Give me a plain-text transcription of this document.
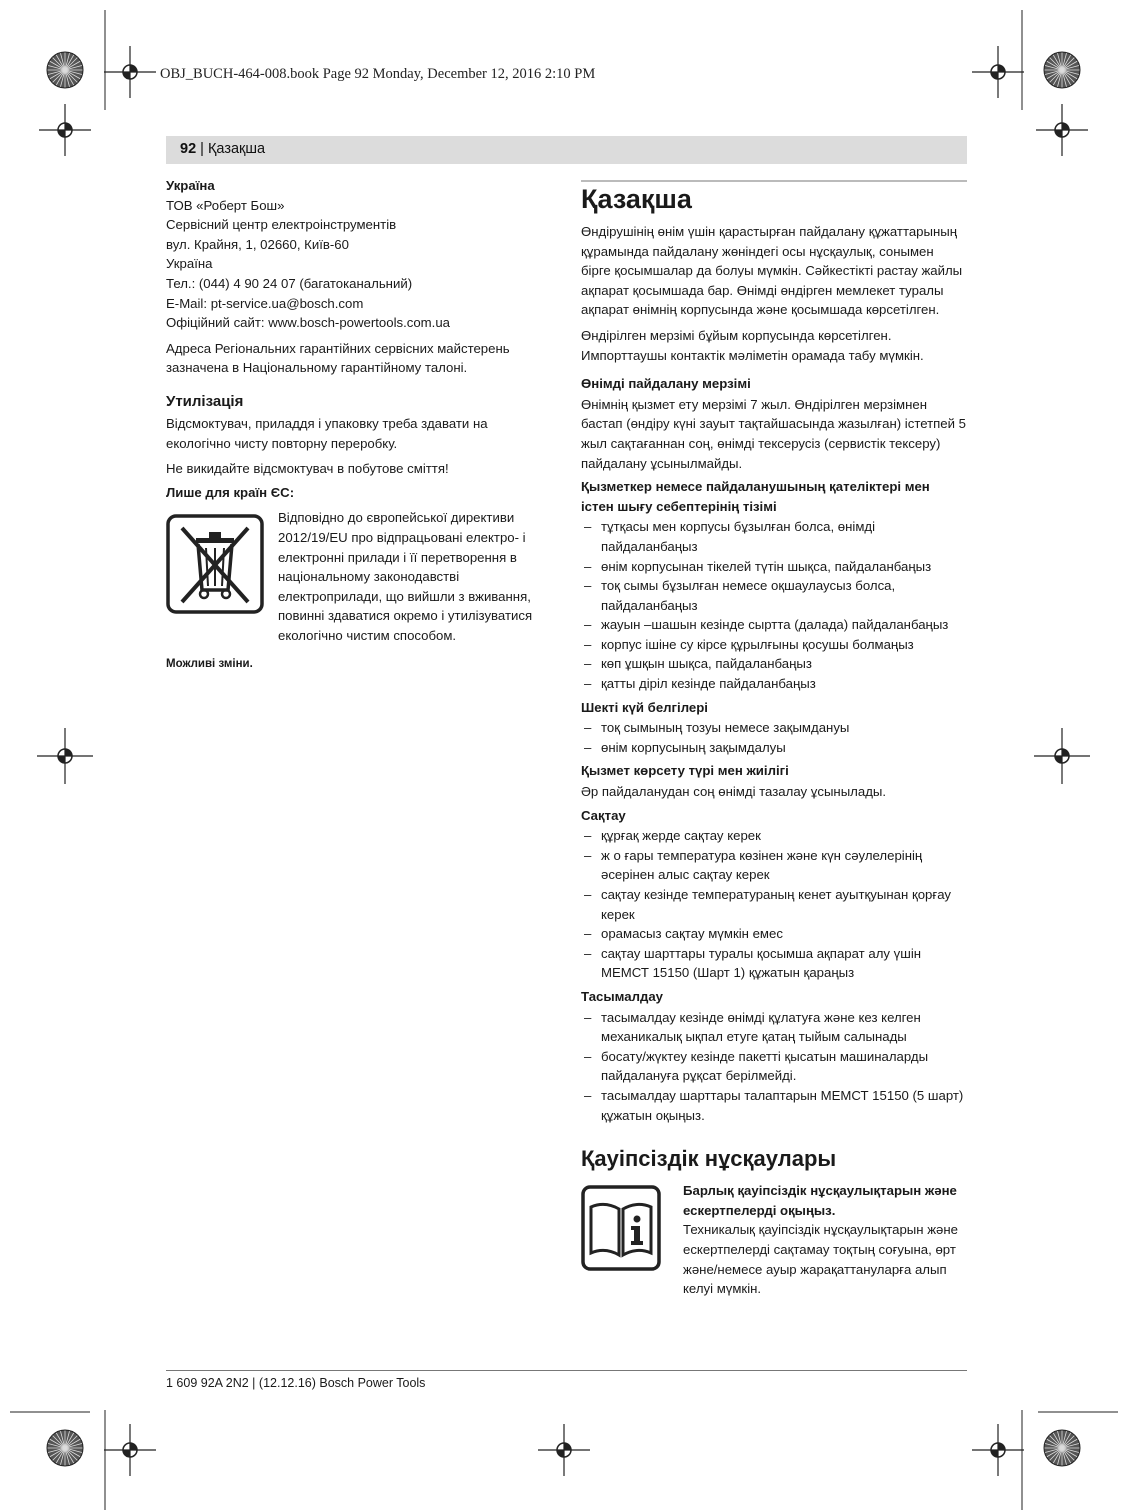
OBJ_BUCH-464-008.book Page 92 Monday, December 12, 2016 2:10 PM
92 | Қазақша

Україна

ТОВ «Роберт Бош»

Сервісний центр електроінструментів

вул. Крайня, 1, 02660, Київ-60

Україна

Тел.: (044) 4 90 24 07 (багатоканальний)

E-Mail: pt-service.ua@bosch.com

Офіційний сайт: www.bosch-powertools.com.ua

Адреса Регіональних гарантійних сервісних майстерень зазначена в Національному гарантійному талоні.

Утилізація

Відсмоктувач, приладдя і упаковку треба здавати на екологічно чисту повторну переробку.

Не викидайте відсмоктувач в побутове сміття!

Лише для країн ЄС:

Відповідно до європейської директиви 2012/19/EU про відпрацьовані електро- і електронні прилади і її перетворення в національному законодавстві електроприлади, що вийшли з вживання, повинні здаватися окремо і утилізуватися екологічно чистим способом.

Можливі зміни.

Қазақша

Өндірушінің өнім үшін қарастырған пайдалану құжаттарының құрамында пайдалану жөніндегі осы нұсқаулық, сонымен бірге қосымшалар да болуы мүмкін. Сәйкестікті растау жайлы ақпарат қосымшада бар. Өнімді өндірген мемлекет туралы ақпарат өнімнің корпусында және қосымшада көрсетілген.

Өндірілген мерзімі бұйым корпусында көрсетілген. Импорттаушы контактік мәліметін орамада табу мүмкін.

Өнімді пайдалану мерзімі

Өнімнің қызмет ету мерзімі 7 жыл. Өндірілген мерзімнен бастап (өндіру күні зауыт тақтайшасында жазылған) істетпей 5 жыл сақтағаннан соң, өнімді тексерусіз (сервистік тексеру) пайдалану ұсынылмайды.

Қызметкер немесе пайдаланушының қателіктері мен істен шығу себептерінің тізімі

– тұтқасы мен корпусы бұзылған болса, өнімді пайдаланбаңыз
– өнім корпусынан тікелей түтін шықса, пайдаланбаңыз
– тоқ сымы бұзылған немесе оқшаулаусыз болса, пайдаланбаңыз
– жауын –шашын кезінде сыртта (далада) пайдаланбаңыз
– корпус ішіне су кірсе құрылғыны қосушы болмаңыз
– көп ұшқын шықса, пайдаланбаңыз
– қатты діріл кезінде пайдаланбаңыз

Шекті күй белгілері

– тоқ сымының тозуы немесе зақымдануы
– өнім корпусының зақымдалуы

Қызмет көрсету түрі мен жиілігі

Әр пайдаланудан соң өнімді тазалау ұсынылады.

Сақтау

– құрғақ жерде сақтау керек
– ж о ғары температура көзінен және күн сәулелерінің әсерінен алыс сақтау керек
– сақтау кезінде температураның кенет ауытқуынан қорғау керек
– орамасыз сақтау мүмкін емес
– сақтау шарттары туралы қосымша ақпарат алу үшін МЕМСТ 15150 (Шарт 1) құжатын қараңыз

Тасымалдау

– тасымалдау кезінде өнімді құлатуға және кез келген механикалық ықпал етуге қатаң тыйым салынады
– босату/жүктеу кезінде пакетті қысатын машиналарды пайдалануға рұқсат берілмейді.
– тасымалдау шарттары талаптарын МЕМСТ 15150 (5 шарт) құжатын оқыңыз.
Қауіпсіздік нұсқаулары

Барлық қауіпсіздік нұсқаулықтарын және ескертпелерді оқыңыз.

Техникалық қауіпсіздік нұсқаулықтарын және ескертпелерді сақтамау тоқтың соғуына, өрт және/немесе ауыр жарақаттануларға алып келуі мүмкін.

1 609 92A 2N2 | (12.12.16) Bosch Power Tools
